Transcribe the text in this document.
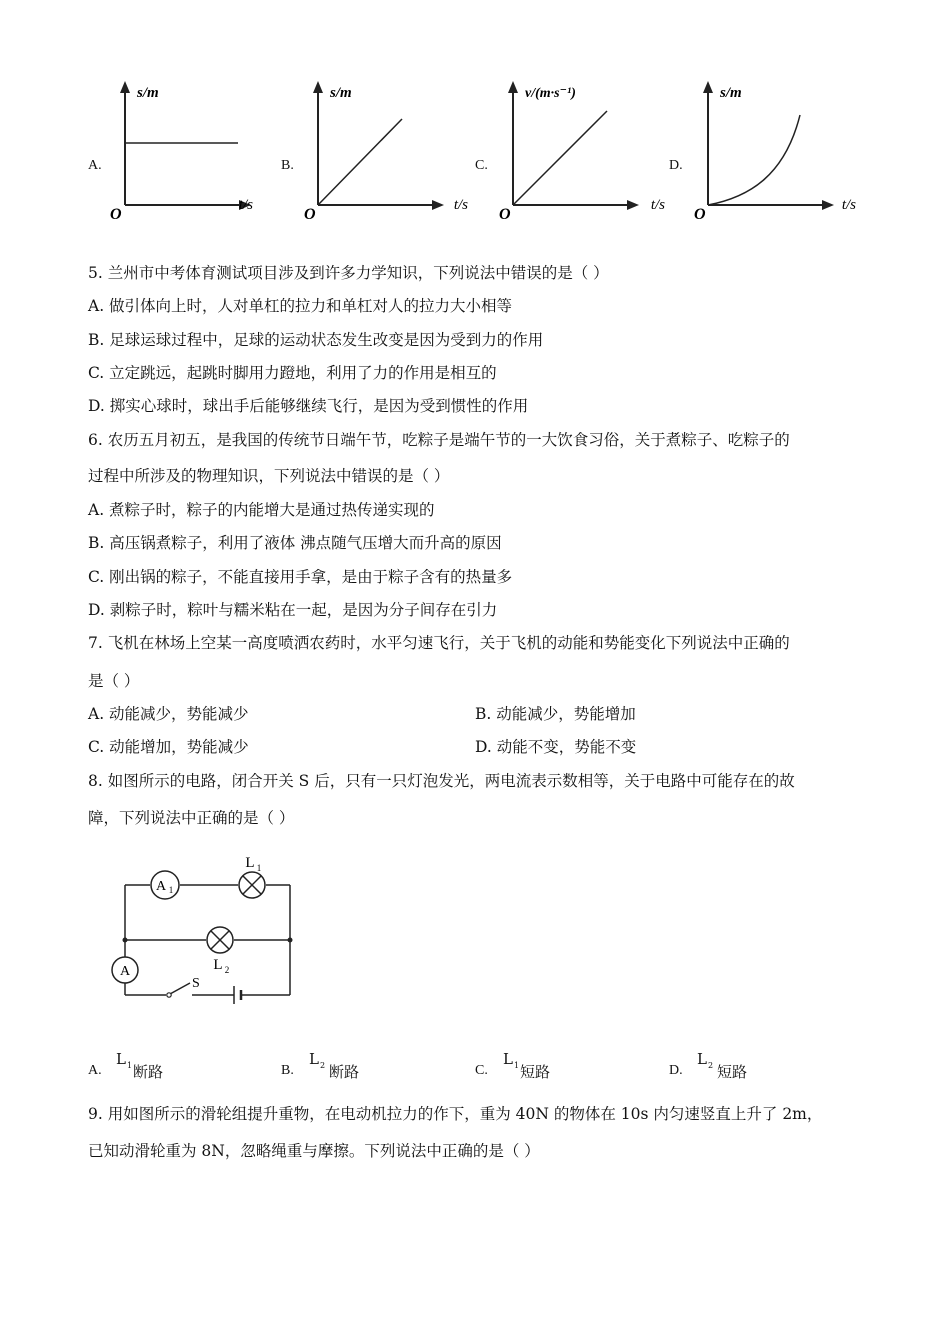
A.
s/m
t/s
O
B.
s/m
t/s
O
C.
v/(m·s⁻¹)
t/s
O
D.
s/m
t/s
O
5. 兰州市中考体育测试项目涉及到许多力学知识，下列说法中错误的是（ ）
A. 做引体向上时，人对单杠的拉力和单杠对人的拉力大小相等
B. 足球运球过程中，足球的运动状态发生改变是因为受到力的作用
C. 立定跳远，起跳时脚用力蹬地，利用了力的作用是相互的
D. 掷实心球时，球出手后能够继续飞行，是因为受到惯性的作用
6. 农历五月初五，是我国的传统节日端午节，吃粽子是端午节的一大饮食习俗，关于煮粽子、吃粽子的
过程中所涉及的物理知识，下列说法中错误的是（ ）
A. 煮粽子时，粽子的内能增大是通过热传递实现的
B. 高压锅煮粽子，利用了液体 沸点随气压增大而升高的原因
C. 刚出锅的粽子，不能直接用手拿，是由于粽子含有的热量多
D. 剥粽子时，粽叶与糯米粘在一起，是因为分子间存在引力
7. 飞机在林场上空某一高度喷洒农药时，水平匀速飞行，关于飞机的动能和势能变化下列说法中正确的
是（ ）
A. 动能减少，势能减少	B. 动能减少，势能增加
C. 动能增加，势能减少	D. 动能不变，势能不变
8. 如图所示的电路，闭合开关 S 后，只有一只灯泡发光，两电流表示数相等，关于电路中可能存在的故
障，下列说法中正确的是（ ）
A 1
L 1
L 2
A
S
A.
L 1 断路	B.
L 2 断路	C.
L 1 短路	D.
L 2 短路
9. 用如图所示的滑轮组提升重物，在电动机拉力的作下，重为 40N 的物体在 10s 内匀速竖直上升了 2m，
已知动滑轮重为 8N，忽略绳重与摩擦。下列说法中正确的是（ ）
